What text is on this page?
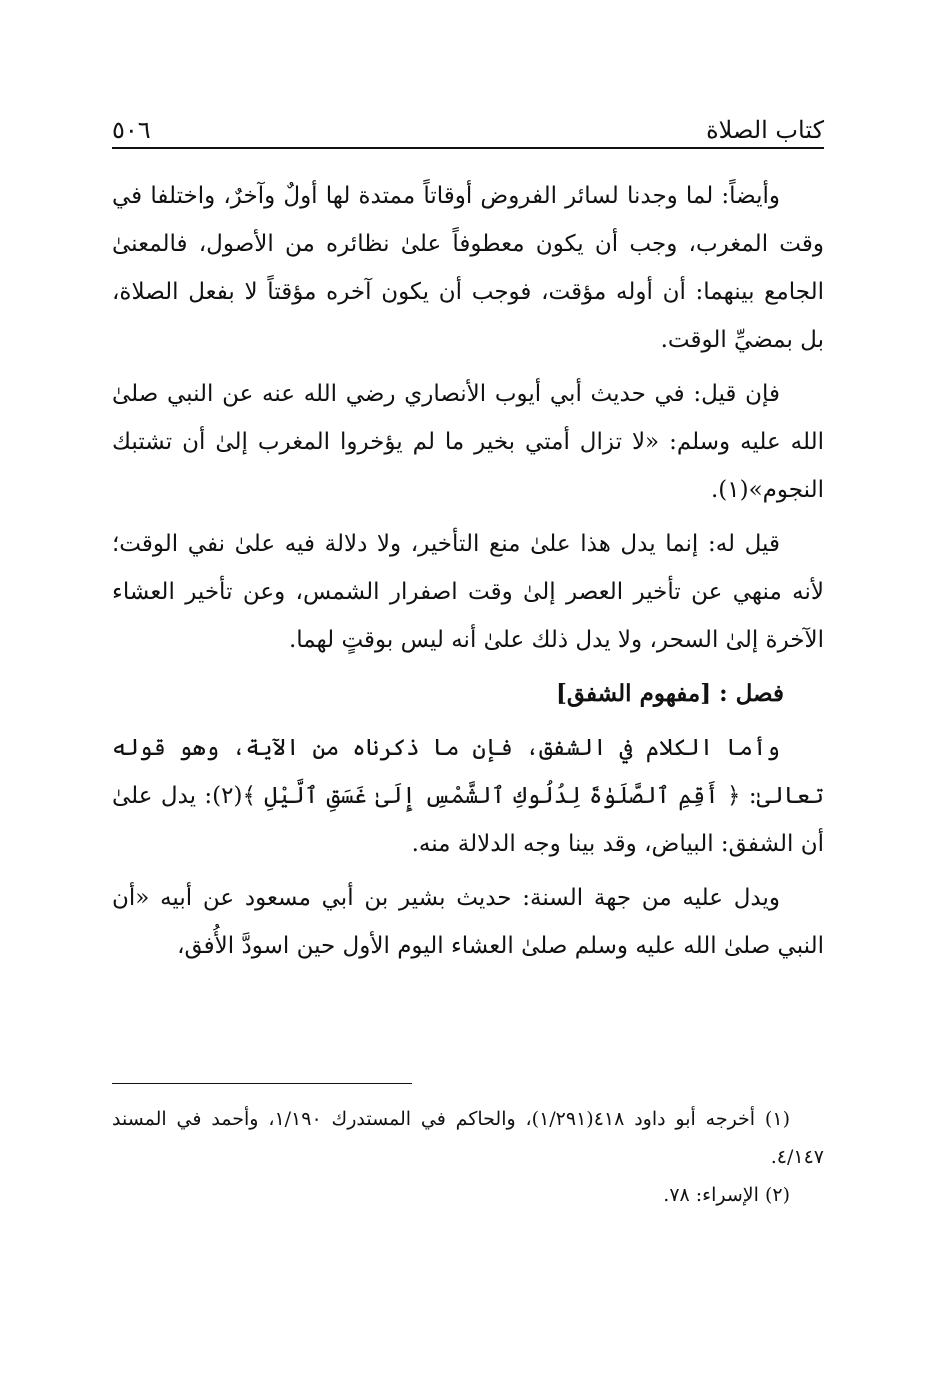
كتاب الصلاة
٥٠٦

وأيضاً: لما وجدنا لسائر الفروض أوقاتاً ممتدة لها أولٌ وآخرٌ، واختلفا في وقت المغرب، وجب أن يكون معطوفاً علىٰ نظائره من الأصول، فالمعنىٰ الجامع بينهما: أن أوله مؤقت، فوجب أن يكون آخره مؤقتاً لا بفعل الصلاة، بل بمضيِّ الوقت.

فإن قيل: في حديث أبي أيوب الأنصاري رضي الله عنه عن النبي صلىٰ الله عليه وسلم: «لا تزال أمتي بخير ما لم يؤخروا المغرب إلىٰ أن تشتبك النجوم»(١).

قيل له: إنما يدل هذا علىٰ منع التأخير، ولا دلالة فيه علىٰ نفي الوقت؛ لأنه منهي عن تأخير العصر إلىٰ وقت اصفرار الشمس، وعن تأخير العشاء الآخرة إلىٰ السحر، ولا يدل ذلك علىٰ أنه ليس بوقتٍ لهما.

فصل : [مفهوم الشفق]

وأما الكلام في الشفق، فإن ما ذكرناه من الآية، وهو قوله تعالىٰ: ﴿ أَقِمِ ٱلصَّلَوٰةَ لِدُلُوكِ ٱلشَّمْسِ إِلَىٰ غَسَقِ ٱلَّيْلِ ﴾(٢): يدل علىٰ أن الشفق: البياض، وقد بينا وجه الدلالة منه.

ويدل عليه من جهة السنة: حديث بشير بن أبي مسعود عن أبيه «أن النبي صلىٰ الله عليه وسلم صلىٰ العشاء اليوم الأول حين اسودَّ الأُفق،

(١) أخرجه أبو داود ٤١٨(١/٢٩١)، والحاكم في المستدرك ١/١٩٠، وأحمد في المسند ٤/١٤٧.

(٢) الإسراء: ٧٨.
